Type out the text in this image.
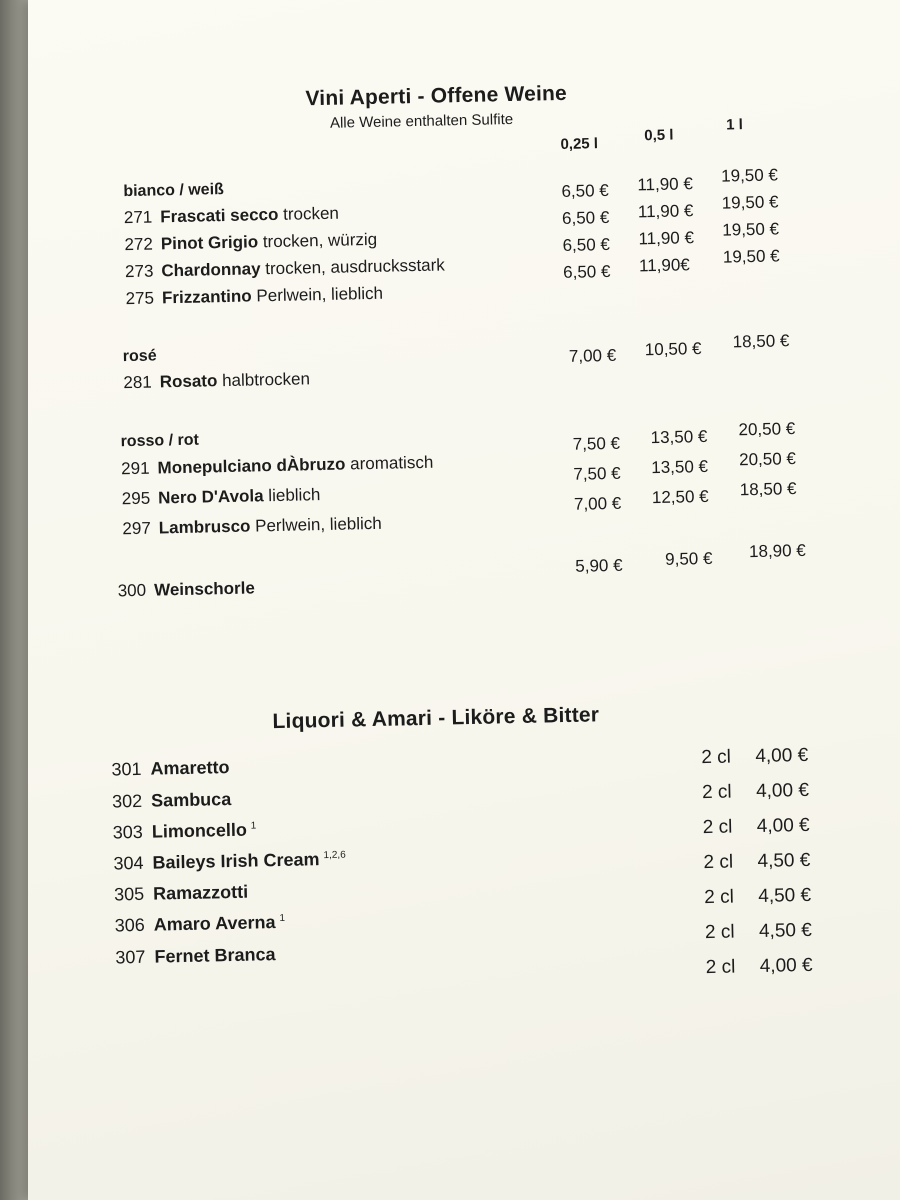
Vini Aperti - Offene Weine
Alle Weine enthalten Sulfite
0,25 l	0,5 l
1 l
bianco / weiß
271 Frascati secco trocken
6,50 € 11,90 € 19,50 €
272 Pinot Grigio trocken, würzig
6,50 € 11,90 € 19,50 €
273 Chardonnay trocken, ausdrucksstark
6,50 € 11,90 € 19,50 €
275 Frizzantino Perlwein, lieblich
6,50 € 11,90€ 19,50 €
rosé
281 Rosato halbtrocken
7,00 € 10,50 € 18,50 €
rosso / rot
291 Monepulciano dÀbruzo aromatisch
7,50 € 13,50 € 20,50 €
295 Nero D'Avola lieblich
7,50 € 13,50 € 20,50 €
297 Lambrusco Perlwein, lieblich
7,00 € 12,50 € 18,50 €
300 Weinschorle
5,90 € 9,50 € 18,90 €
Liquori & Amari - Liköre & Bitter
301 Amaretto	2 cl 4,00 €
302 Sambuca	2 cl 4,00 €
303 Limoncello $^1$	2 cl 4,00 €
304 Baileys Irish Cream $^{1,2,6}$	2 cl 4,50 €
305 Ramazzotti	2 cl 4,50 €
306 Amaro Averna $^1$
2 cl 4,50 €
307 Fernet Branca
2 cl 4,00 €
